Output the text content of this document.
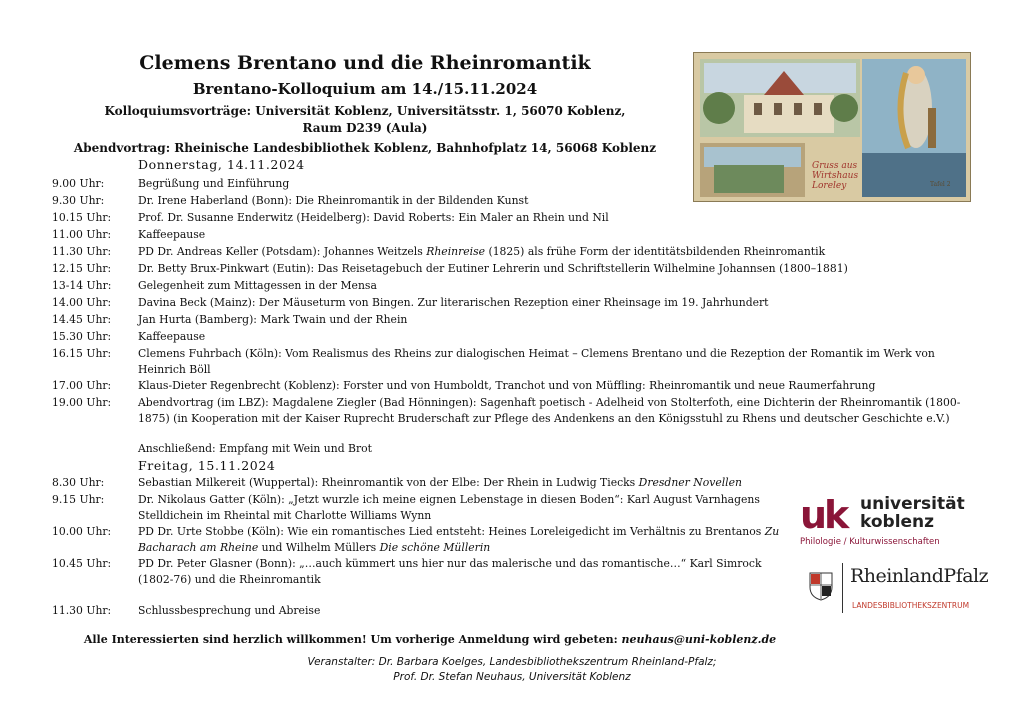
Clemens Brentano und die Rheinromantik
Brentano-Kolloquium am 14./15.11.2024
Kolloquiumsvorträge: Universität Koblenz, Universitätsstr. 1, 56070 Koblenz,
Raum D239 (Aula)
Abendvortrag: Rheinische Landesbibliothek Koblenz, Bahnhofplatz 14, 56068 Koblenz
Gruss aus Wirtshaus Loreley	Tafel 2
Donnerstag, 14.11.2024
9.00 Uhr:	Begrüßung und Einführung
9.30 Uhr:	Dr. Irene Haberland (Bonn): Die Rheinromantik in der Bildenden Kunst
10.15 Uhr:	Prof. Dr. Susanne Enderwitz (Heidelberg): David Roberts: Ein Maler an Rhein und Nil
11.00 Uhr:	Kaffeepause
11.30 Uhr:	PD Dr. Andreas Keller (Potsdam): Johannes Weitzels Rheinreise (1825) als frühe Form der identitätsbildenden Rheinromantik
12.15 Uhr:	Dr. Betty Brux-Pinkwart (Eutin): Das Reisetagebuch der Eutiner Lehrerin und Schriftstellerin Wilhelmine Johannsen (1800–1881)
13-14 Uhr:	Gelegenheit zum Mittagessen in der Mensa
14.00 Uhr:	Davina Beck (Mainz): Der Mäuseturm von Bingen. Zur literarischen Rezeption einer Rheinsage im 19. Jahrhundert
14.45 Uhr:	Jan Hurta (Bamberg): Mark Twain und der Rhein
15.30 Uhr:	Kaffeepause
16.15 Uhr:	Clemens Fuhrbach (Köln): Vom Realismus des Rheins zur dialogischen Heimat – Clemens Brentano und die Rezeption der Romantik im Werk von Heinrich Böll
17.00 Uhr:	Klaus-Dieter Regenbrecht (Koblenz): Forster und von Humboldt, Tranchot und von Müffling: Rheinromantik und neue Raumerfahrung
19.00 Uhr:	Abendvortrag (im LBZ): Magdalene Ziegler (Bad Hönningen): Sagenhaft poetisch - Adelheid von Stolterfoth, eine Dichterin der Rheinromantik (1800-1875) (in Kooperation mit der Kaiser Ruprecht Bruderschaft zur Pflege des Andenkens an den Königsstuhl zu Rhens und deutscher Geschichte e.V.)
Anschließend: Empfang mit Wein und Brot
Freitag, 15.11.2024
8.30 Uhr:	Sebastian Milkereit (Wuppertal): Rheinromantik von der Elbe: Der Rhein in Ludwig Tiecks Dresdner Novellen
9.15 Uhr:	Dr. Nikolaus Gatter (Köln): „Jetzt wurzle ich meine eignen Lebenstage in diesen Boden“: Karl August Varnhagens Stelldichein im Rheintal mit Charlotte Williams Wynn
10.00 Uhr:	PD Dr. Urte Stobbe (Köln): Wie ein romantisches Lied entsteht: Heines Loreleigedicht im Verhältnis zu Brentanos Zu Bacharach am Rheine und Wilhelm Müllers Die schöne Müllerin
10.45 Uhr:	PD Dr. Peter Glasner (Bonn): „…auch kümmert uns hier nur das malerische und das romantische…“ Karl Simrock (1802-76) und die Rheinromantik
11.30 Uhr:	Schlussbesprechung und Abreise
uk universität
koblenz
Philologie / Kulturwissenschaften
RheinlandPfalz
LANDESBIBLIOTHEKSZENTRUM
Alle Interessierten sind herzlich willkommen! Um vorherige Anmeldung wird gebeten: neuhaus@uni-koblenz.de
Veranstalter: Dr. Barbara Koelges, Landesbibliothekszentrum Rheinland-Pfalz;
Prof. Dr. Stefan Neuhaus, Universität Koblenz
